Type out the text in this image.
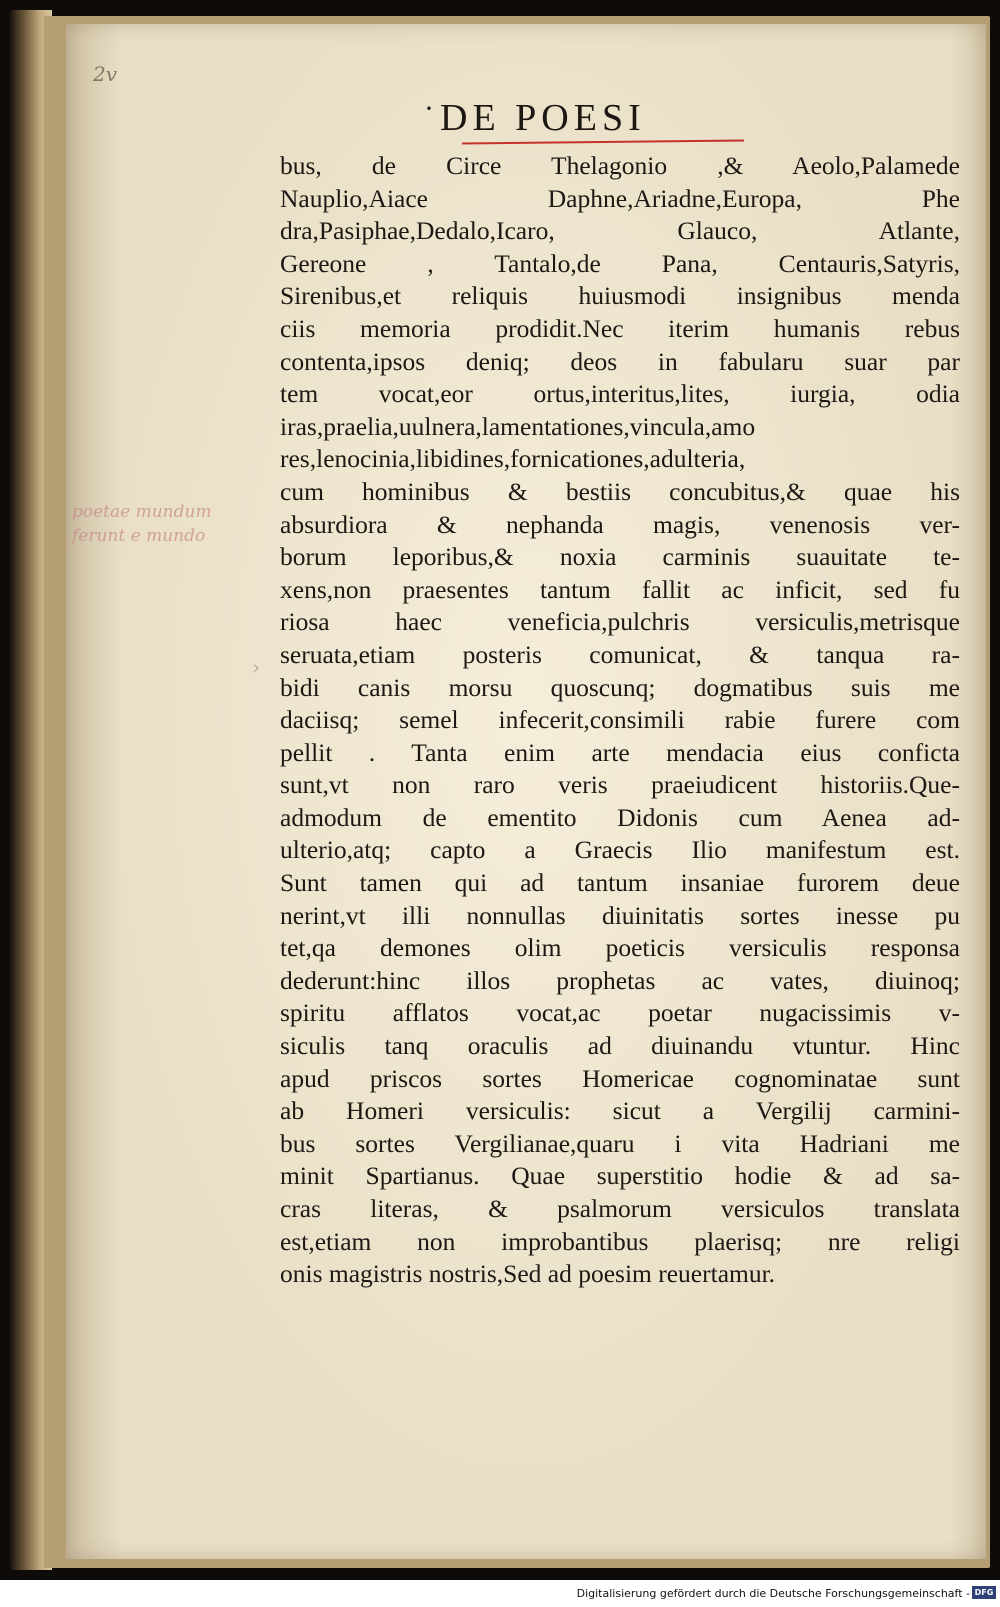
2v
· DE POESI
poetae mundum
ferunt e mundo
›
bus, de Circe Thelagonio ,& Aeolo,Palamede
Nauplio,Aiace Daphne,Ariadne,Europa, Phe
dra,Pasiphae,Dedalo,Icaro, Glauco, Atlante,
Gereone , Tantalo,de Pana, Centauris,Satyris,
Sirenibus,et reliquis huiusmodi insignibus menda
ciis memoria prodidit.Nec iterim humanis rebus
contenta,ipsos deniq; deos in fabularu suar par
tem vocat,eor ortus,interitus,lites, iurgia, odia
iras,praelia,uulnera,lamentationes,vincula,amo
res,lenocinia,libidines,fornicationes,adulteria,
cum hominibus & bestiis concubitus,& quae his
absurdiora & nephanda magis, venenosis ver-
borum leporibus,& noxia carminis suauitate te-
xens,non praesentes tantum fallit ac inficit, sed fu
riosa haec veneficia,pulchris versiculis,metrisque
seruata,etiam posteris comunicat, & tanqua ra-
bidi canis morsu quoscunq; dogmatibus suis me
daciisq; semel infecerit,consimili rabie furere com
pellit . Tanta enim arte mendacia eius conficta
sunt,vt non raro veris praeiudicent historiis.Que-
admodum de ementito Didonis cum Aenea ad-
ulterio,atq; capto a Graecis Ilio manifestum est.
Sunt tamen qui ad tantum insaniae furorem deue
nerint,vt illi nonnullas diuinitatis sortes inesse pu
tet,qa demones olim poeticis versiculis responsa
dederunt:hinc illos prophetas ac vates, diuinoq;
spiritu afflatos vocat,ac poetar nugacissimis v-
siculis tanq oraculis ad diuinandu vtuntur. Hinc
apud priscos sortes Homericae cognominatae sunt
ab Homeri versiculis: sicut a Vergilij carmini-
bus sortes Vergilianae,quaru i vita Hadriani me
minit Spartianus. Quae superstitio hodie & ad sa-
cras literas, & psalmorum versiculos translata
est,etiam non improbantibus plaerisq; nre religi
onis magistris nostris,Sed ad poesim reuertamur.
Digitalisierung gefördert durch die Deutsche Forschungsgemeinschaft - DFG
